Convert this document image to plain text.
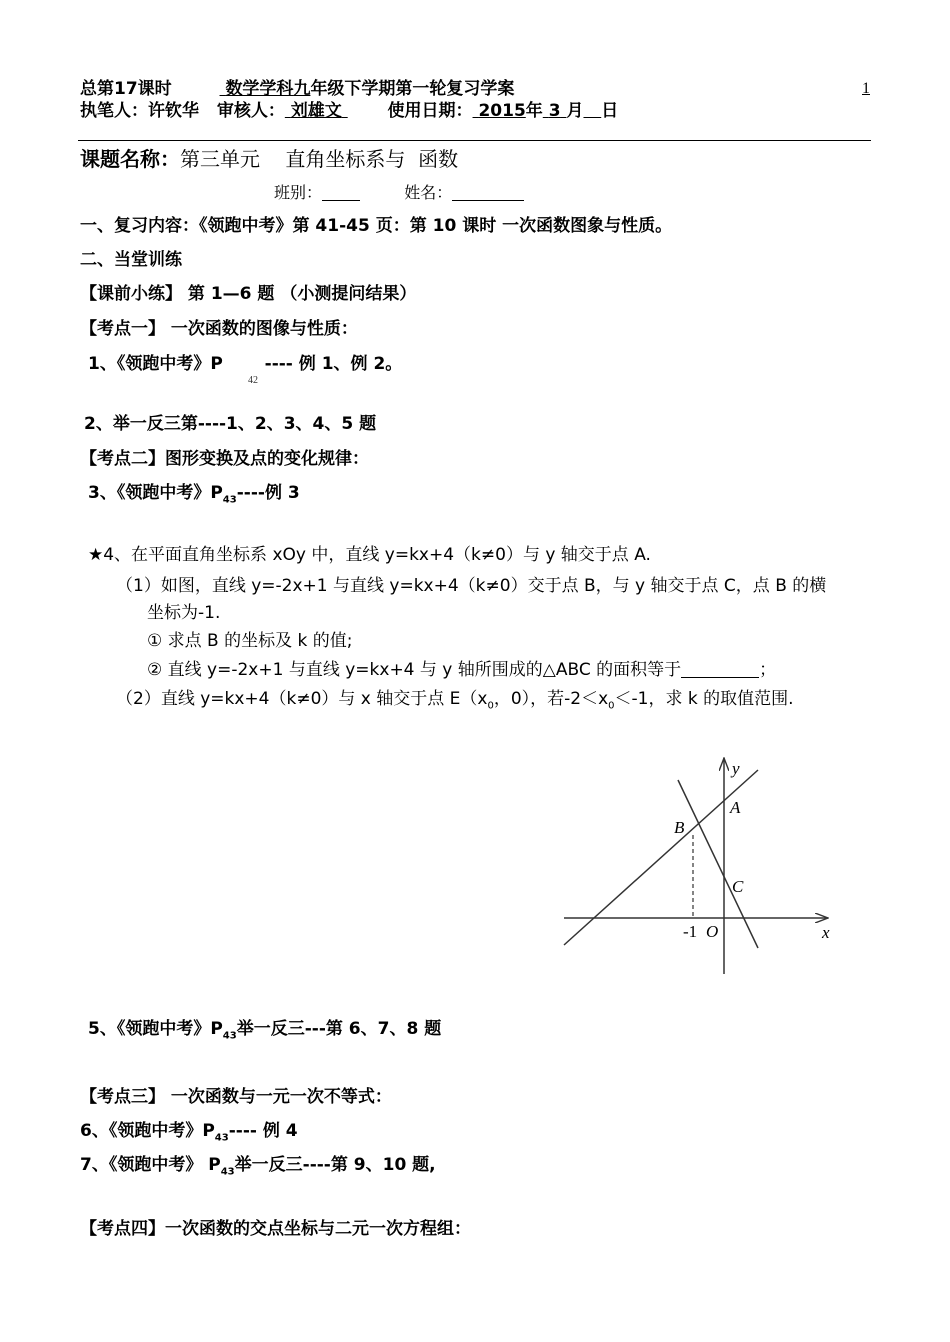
总第17课时	数学学科九年级下学期第一轮复习学案	1
执笔人：许钦华 审核人： 刘雄文	使用日期： 2015年 3 月 日
课题名称：第三单元    直角坐标系与  函数
班别：	姓名：
一、复习内容：《领跑中考》第 41-45 页：第 10 课时 一次函数图象与性质。
二、当堂训练
【课前小练】 第 1—6 题 （小测提问结果）
【考点一】 一次函数的图像与性质：
1、《领跑中考》P ---- 例 1、例 2。
42
2、举一反三第----1、2、3、4、5 题
【考点二】图形变换及点的变化规律：
3、《领跑中考》$P_{43}----$例 3
★4、在平面直角坐标系 xOy 中，直线 y=kx+4（k≠0）与 y 轴交于点 A.
（1）如图，直线 y=-2x+1 与直线 y=kx+4（k≠0）交于点 B，与 y 轴交于点 C，点 B 的横
坐标为-1.
① 求点 B 的坐标及 k 的值;
② 直线 y=-2x+1 与直线 y=kx+4 与 y 轴所围成的△ABC 的面积等于	；
（2）直线 y=kx+4（k≠0）与 x 轴交于点 $E(x_0$，0），若$-2<x_0<-1$，求 k 的取值范围.
y
x
A
B
C
O
-1
5、《领跑中考》$P_{43}$举一反三---第 6、7、8 题
【考点三】 一次函数与一元一次不等式：
6、《领跑中考》$P_{43}----$ 例 4
7、《领跑中考》 $P_{43}$举一反三----第 9、10 题,
【考点四】一次函数的交点坐标与二元一次方程组：
